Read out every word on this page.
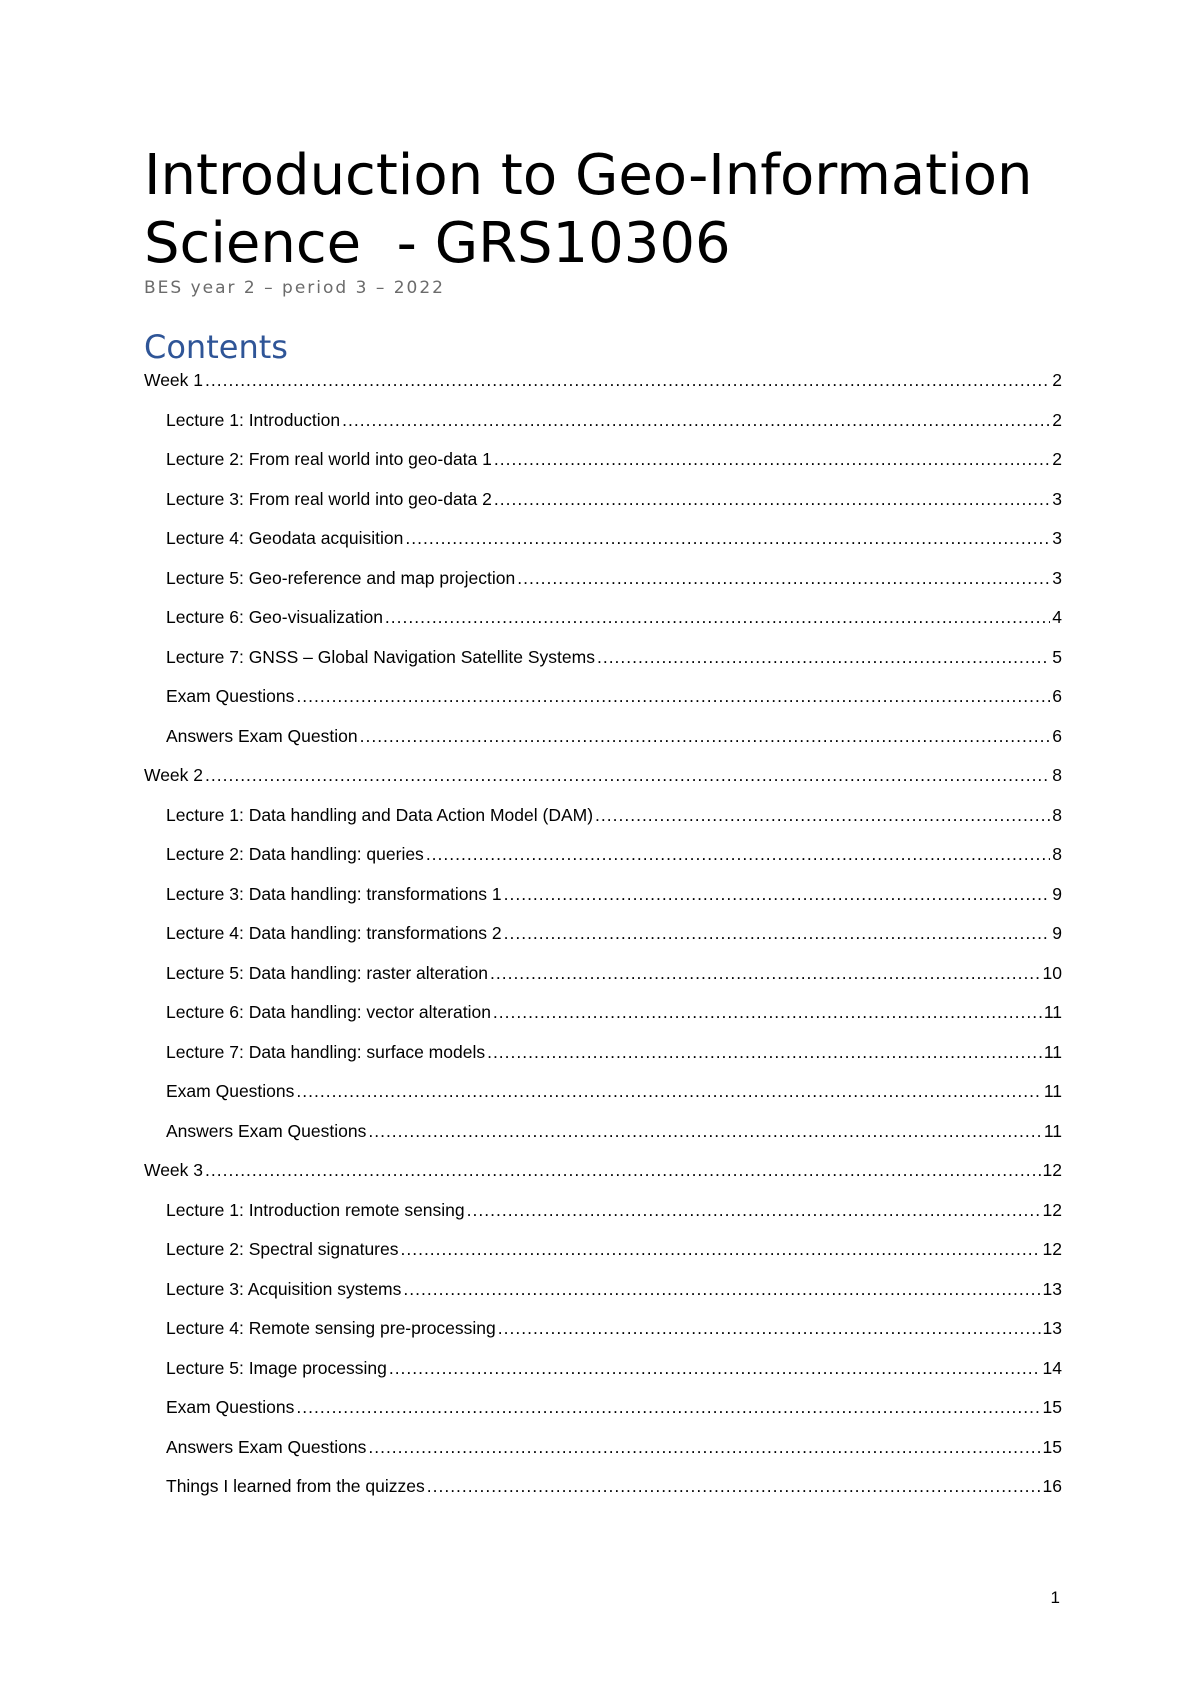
Introduction to Geo-Information
Science  - GRS10306

BES year 2 – period 3 – 2022

Contents
Week 1 .....	2
Lecture 1: Introduction .....	2
Lecture 2: From real world into geo-data 1 .....	2
Lecture 3: From real world into geo-data 2 .....	3
Lecture 4: Geodata acquisition .....	3
Lecture 5: Geo-reference and map projection .....	3
Lecture 6: Geo-visualization .....	4
Lecture 7: GNSS – Global Navigation Satellite Systems .....	5
Exam Questions .....	6
Answers Exam Question .....	6
Week 2 .....	8
Lecture 1: Data handling and Data Action Model (DAM) .....	8
Lecture 2: Data handling: queries .....	8
Lecture 3: Data handling: transformations 1 .....	9
Lecture 4: Data handling: transformations 2 .....	9
Lecture 5: Data handling: raster alteration .....	10
Lecture 6: Data handling: vector alteration .....	11
Lecture 7: Data handling: surface models .....	11
Exam Questions .....	11
Answers Exam Questions .....	11
Week 3 .....	12
Lecture 1: Introduction remote sensing .....	12
Lecture 2: Spectral signatures .....	12
Lecture 3: Acquisition systems .....	13
Lecture 4: Remote sensing pre-processing .....	13
Lecture 5: Image processing .....	14
Exam Questions .....	15
Answers Exam Questions .....	15
Things I learned from the quizzes .....	16
1
